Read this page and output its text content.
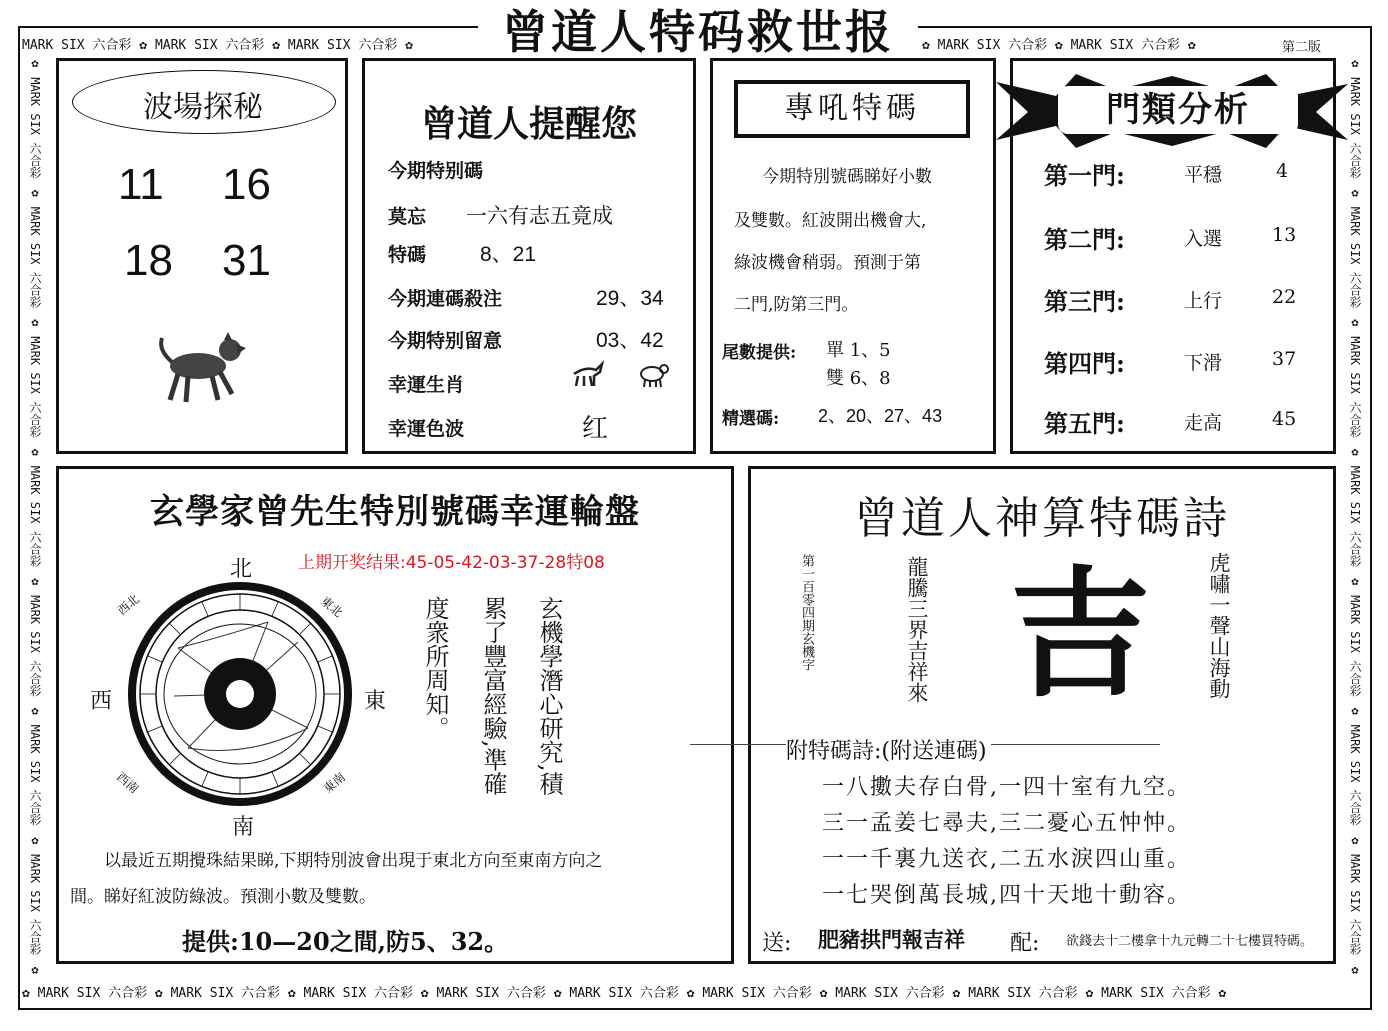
MARK SIX 六合彩 ✿ MARK SIX 六合彩 ✿ MARK SIX 六合彩 ✿	✿ MARK SIX 六合彩 ✿ MARK SIX 六合彩 ✿	第二版
✿ MARK SIX 六合彩 ✿ MARK SIX 六合彩 ✿ MARK SIX 六合彩 ✿ MARK SIX 六合彩 ✿ MARK SIX 六合彩 ✿ MARK SIX 六合彩 ✿ MARK SIX 六合彩 ✿ MARK SIX 六合彩 ✿ MARK SIX 六合彩 ✿
✿ MARK SIX 六合彩 ✿ MARK SIX 六合彩 ✿ MARK SIX 六合彩 ✿ MARK SIX 六合彩 ✿ MARK SIX 六合彩 ✿ MARK SIX 六合彩 ✿ MARK SIX 六合彩 ✿
✿ MARK SIX 六合彩 ✿ MARK SIX 六合彩 ✿ MARK SIX 六合彩 ✿ MARK SIX 六合彩 ✿ MARK SIX 六合彩 ✿ MARK SIX 六合彩 ✿ MARK SIX 六合彩 ✿
曾道人特码救世报
波場探秘
11 16
18 31
曾道人提醒您
今期特别碼
莫忘 一六有志五竟成
特碼	8、21
今期連碼殺注	29、34
今期特别留意	03、42
幸運生肖
幸運色波	红
專吼特碼
今期特別號碼睇好小數
及雙數。紅波開出機會大,
綠波機會稍弱。預測于第
二門,防第三門。
尾數提供: 單 1、5
雙 6、8
精選碼: 2、20、27、43
門類分析
第一門:	平穩	4
第二門:	入選	13
第三門:	上行	22
第四門:	下滑	37
第五門:	走高	45
玄學家曾先生特別號碼幸運輪盤
上期开奖结果:45-05-42-03-37-28特08
北
南
西	東
西北	東北
西南	東南	玄機學潛心研究,積
累了豐富經驗,準確
度衆所周知。
以最近五期攪珠結果睇,下期特別波會出現于東北方向至東南方向之
間。睇好紅波防綠波。預測小數及雙數。
提供:10—20之間,防5、32。
曾道人神算特碼詩
第一百零四期玄機字	龍騰三界吉祥來 吉	虎嘯一聲山海動
附特碼詩:(附送連碼)
一八擻夫存白骨,一四十室有九空。
三一孟姜七尋夫,三二憂心五忡忡。
一一千裏九送衣,二五水淚四山重。
一七哭倒萬長城,四十天地十動容。
送: 肥豬拱門報吉祥 配: 欲錢去十二樓拿十九元轉二十七樓買特碼。
